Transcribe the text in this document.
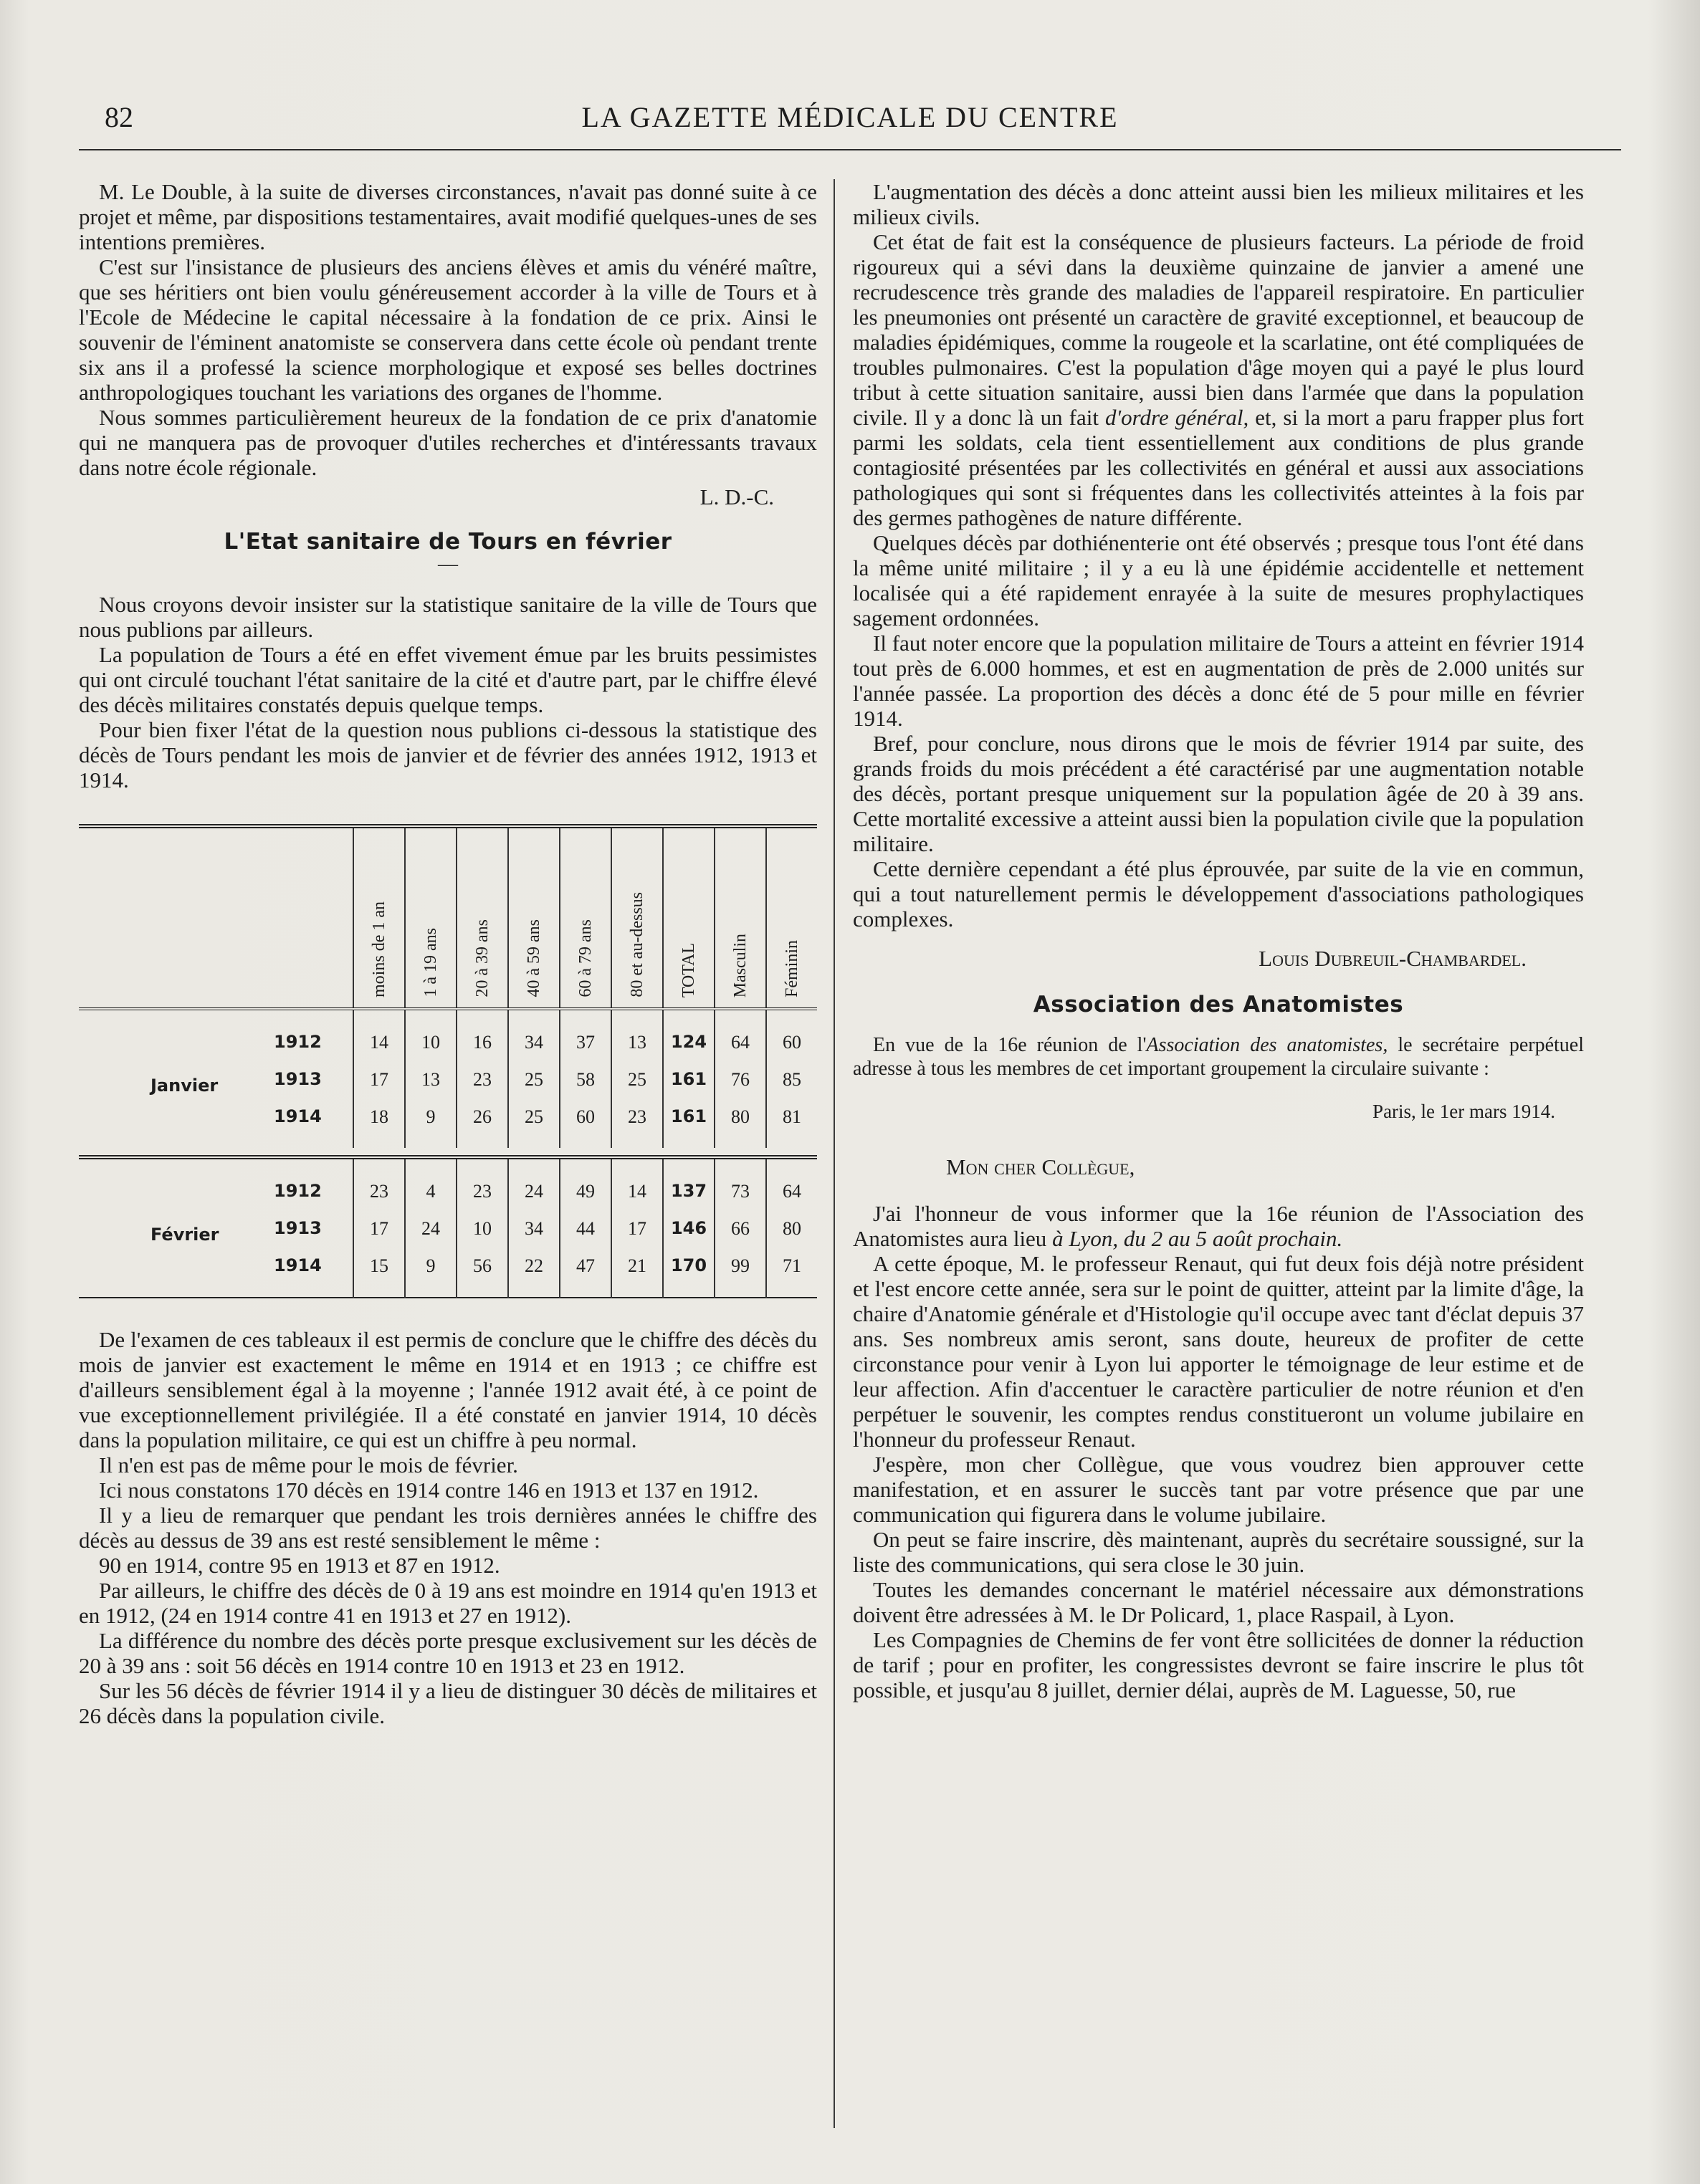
82	LA GAZETTE MÉDICALE DU CENTRE

M. Le Double, à la suite de diverses circonstances, n'avait pas donné suite à ce projet et même, par dispositions testamentaires, avait modifié quelques-unes de ses intentions premières.

C'est sur l'insistance de plusieurs des anciens élèves et amis du vénéré maître, que ses héritiers ont bien voulu généreusement accorder à la ville de Tours et à l'Ecole de Médecine le capital nécessaire à la fondation de ce prix. Ainsi le souvenir de l'éminent anatomiste se conservera dans cette école où pendant trente six ans il a professé la science morphologique et exposé ses belles doctrines anthropologiques touchant les variations des organes de l'homme.

Nous sommes particulièrement heureux de la fondation de ce prix d'anatomie qui ne manquera pas de provoquer d'utiles recherches et d'intéressants travaux dans notre école régionale.

L. D.-C.
L'Etat sanitaire de Tours en février
—

Nous croyons devoir insister sur la statistique sanitaire de la ville de Tours que nous publions par ailleurs.

La population de Tours a été en effet vivement émue par les bruits pessimistes qui ont circulé touchant l'état sanitaire de la cité et d'autre part, par le chiffre élevé des décès militaires constatés depuis quelque temps.

Pour bien fixer l'état de la question nous publions ci-dessous la statistique des décès de Tours pendant les mois de janvier et de février des années 1912, 1913 et 1914.

		moins de 1 an	1 à 19 ans	20 à 39 ans	40 à 59 ans	60 à 79 ans	80 et au-dessus	TOTAL	Masculin	Féminin

Janvier	1912	14	10	16	34	37	13	124	64	60
	1913	17	13	23	25	58	25	161	76	85
	1914	18	9	26	25	60	23	161	80	81

Février	1912	23	4	23	24	49	14	137	73	64
	1913	17	24	10	34	44	17	146	66	80
	1914	15	9	56	22	47	21	170	99	71

De l'examen de ces tableaux il est permis de conclure que le chiffre des décès du mois de janvier est exactement le même en 1914 et en 1913 ; ce chiffre est d'ailleurs sensiblement égal à la moyenne ; l'année 1912 avait été, à ce point de vue exceptionnellement privilégiée. Il a été constaté en janvier 1914, 10 décès dans la population militaire, ce qui est un chiffre à peu normal.

Il n'en est pas de même pour le mois de février.

Ici nous constatons 170 décès en 1914 contre 146 en 1913 et 137 en 1912.

Il y a lieu de remarquer que pendant les trois dernières années le chiffre des décès au dessus de 39 ans est resté sensiblement le même :

90 en 1914, contre 95 en 1913 et 87 en 1912.

Par ailleurs, le chiffre des décès de 0 à 19 ans est moindre en 1914 qu'en 1913 et en 1912, (24 en 1914 contre 41 en 1913 et 27 en 1912).

La différence du nombre des décès porte presque exclusivement sur les décès de 20 à 39 ans : soit 56 décès en 1914 contre 10 en 1913 et 23 en 1912.

Sur les 56 décès de février 1914 il y a lieu de distinguer 30 décès de militaires et 26 décès dans la population civile.

L'augmentation des décès a donc atteint aussi bien les milieux militaires et les milieux civils.

Cet état de fait est la conséquence de plusieurs facteurs. La période de froid rigoureux qui a sévi dans la deuxième quinzaine de janvier a amené une recrudescence très grande des maladies de l'appareil respiratoire. En particulier les pneumonies ont présenté un caractère de gravité exceptionnel, et beaucoup de maladies épidémiques, comme la rougeole et la scarlatine, ont été compliquées de troubles pulmonaires. C'est la population d'âge moyen qui a payé le plus lourd tribut à cette situation sanitaire, aussi bien dans l'armée que dans la population civile. Il y a donc là un fait d'ordre général, et, si la mort a paru frapper plus fort parmi les soldats, cela tient essentiellement aux conditions de plus grande contagiosité présentées par les collectivités en général et aussi aux associations pathologiques qui sont si fréquentes dans les collectivités atteintes à la fois par des germes pathogènes de nature différente.

Quelques décès par dothiénenterie ont été observés ; presque tous l'ont été dans la même unité militaire ; il y a eu là une épidémie accidentelle et nettement localisée qui a été rapidement enrayée à la suite de mesures prophylactiques sagement ordonnées.

Il faut noter encore que la population militaire de Tours a atteint en février 1914 tout près de 6.000 hommes, et est en augmentation de près de 2.000 unités sur l'année passée. La proportion des décès a donc été de 5 pour mille en février 1914.

Bref, pour conclure, nous dirons que le mois de février 1914 par suite, des grands froids du mois précédent a été caractérisé par une augmentation notable des décès, portant presque uniquement sur la population âgée de 20 à 39 ans. Cette mortalité excessive a atteint aussi bien la population civile que la population militaire.

Cette dernière cependant a été plus éprouvée, par suite de la vie en commun, qui a tout naturellement permis le développement d'associations pathologiques complexes.

Louis Dubreuil-Chambardel.
Association des Anatomistes

En vue de la 16e réunion de l'Association des anatomistes, le secrétaire perpétuel adresse à tous les membres de cet important groupement la circulaire suivante :

Paris, le 1er mars 1914.

Mon cher Collègue,

J'ai l'honneur de vous informer que la 16e réunion de l'Association des Anatomistes aura lieu à Lyon, du 2 au 5 août prochain.

A cette époque, M. le professeur Renaut, qui fut deux fois déjà notre président et l'est encore cette année, sera sur le point de quitter, atteint par la limite d'âge, la chaire d'Anatomie générale et d'Histologie qu'il occupe avec tant d'éclat depuis 37 ans. Ses nombreux amis seront, sans doute, heureux de profiter de cette circonstance pour venir à Lyon lui apporter le témoignage de leur estime et de leur affection. Afin d'accentuer le caractère particulier de notre réunion et d'en perpétuer le souvenir, les comptes rendus constitueront un volume jubilaire en l'honneur du professeur Renaut.

J'espère, mon cher Collègue, que vous voudrez bien approuver cette manifestation, et en assurer le succès tant par votre présence que par une communication qui figurera dans le volume jubilaire.

On peut se faire inscrire, dès maintenant, auprès du secrétaire soussigné, sur la liste des communications, qui sera close le 30 juin.

Toutes les demandes concernant le matériel nécessaire aux démonstrations doivent être adressées à M. le Dr Policard, 1, place Raspail, à Lyon.

Les Compagnies de Chemins de fer vont être sollicitées de donner la réduction de tarif ; pour en profiter, les congressistes devront se faire inscrire le plus tôt possible, et jusqu'au 8 juillet, dernier délai, auprès de M. Laguesse, 50, rue
